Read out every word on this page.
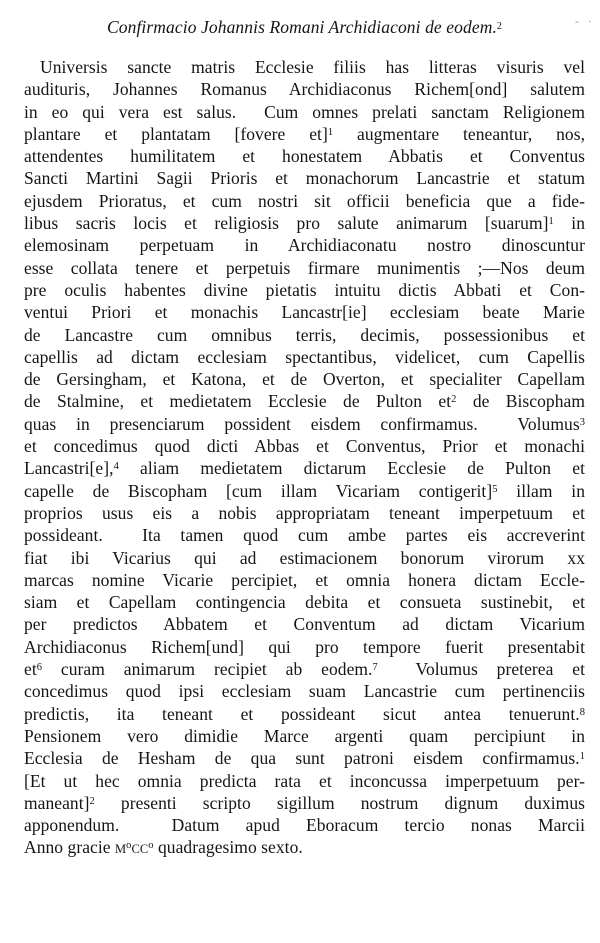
Confirmacio Johannis Romani Archidiaconi de eodem.$^2$	- ·
Universis sancte matris Ecclesie filiis has litteras visuris vel
audituris, Johannes Romanus Archidiaconus Richem[ond] salutem
in eo qui vera est salus.  Cum omnes prelati sanctam Religionem
plantare et plantatam [fovere et]$^1$ augmentare teneantur, nos,
attendentes humilitatem et honestatem Abbatis et Conventus
Sancti Martini Sagii Prioris et monachorum Lancastrie et statum
ejusdem Prioratus, et cum nostri sit officii beneficia que a fide-
libus sacris locis et religiosis pro salute animarum [suarum]$^1$ in
elemosinam perpetuam in Archidiaconatu nostro dinoscuntur
esse collata tenere et perpetuis firmare munimentis ;—Nos deum
pre oculis habentes divine pietatis intuitu dictis Abbati et Con-
ventui Priori et monachis Lancastr[ie] ecclesiam beate Marie
de Lancastre cum omnibus terris, decimis, possessionibus et
capellis ad dictam ecclesiam spectantibus, videlicet, cum Capellis
de Gersingham, et Katona, et de Overton, et specialiter Capellam
de Stalmine, et medietatem Ecclesie de Pulton $et^2$ de Biscopham
quas in presenciarum possident eisdem confirmamus.  Volumus$^3$
et concedimus quod dicti Abbas et Conventus, Prior et monachi
Lancastri[e],$^4$ aliam medietatem dictarum Ecclesie de Pulton et
capelle de Biscopham [cum illam Vicariam contigerit]$^5$ illam in
proprios usus eis a nobis appropriatam teneant imperpetuum et
possideant.  Ita tamen quod cum ambe partes eis accreverint
fiat ibi Vicarius qui ad estimacionem bonorum virorum xx
marcas nomine Vicarie percipiet, et omnia honera dictam Eccle-
siam et Capellam contingencia debita et consueta sustinebit, et
per predictos Abbatem et Conventum ad dictam Vicarium
Archidiaconus Richem[und] qui pro tempore fuerit presentabit
$et^6$ curam animarum recipiet ab eodem.$^7$  Volumus preterea et
concedimus quod ipsi ecclesiam suam Lancastrie cum pertinenciis
predictis, ita teneant et possideant sicut antea tenuerunt.$^8$
Pensionem vero dimidie Marce argenti quam percipiunt in
Ecclesia de Hesham de qua sunt patroni eisdem confirmamus.$^1$
[Et ut hec omnia predicta rata et inconcussa imperpetuum per-
maneant]$^2$ presenti scripto sigillum nostrum dignum duximus
apponendum.  Datum apud Eboracum tercio nonas Marcii
Anno gracie $M^oCC^o$ quadragesimo sexto.
